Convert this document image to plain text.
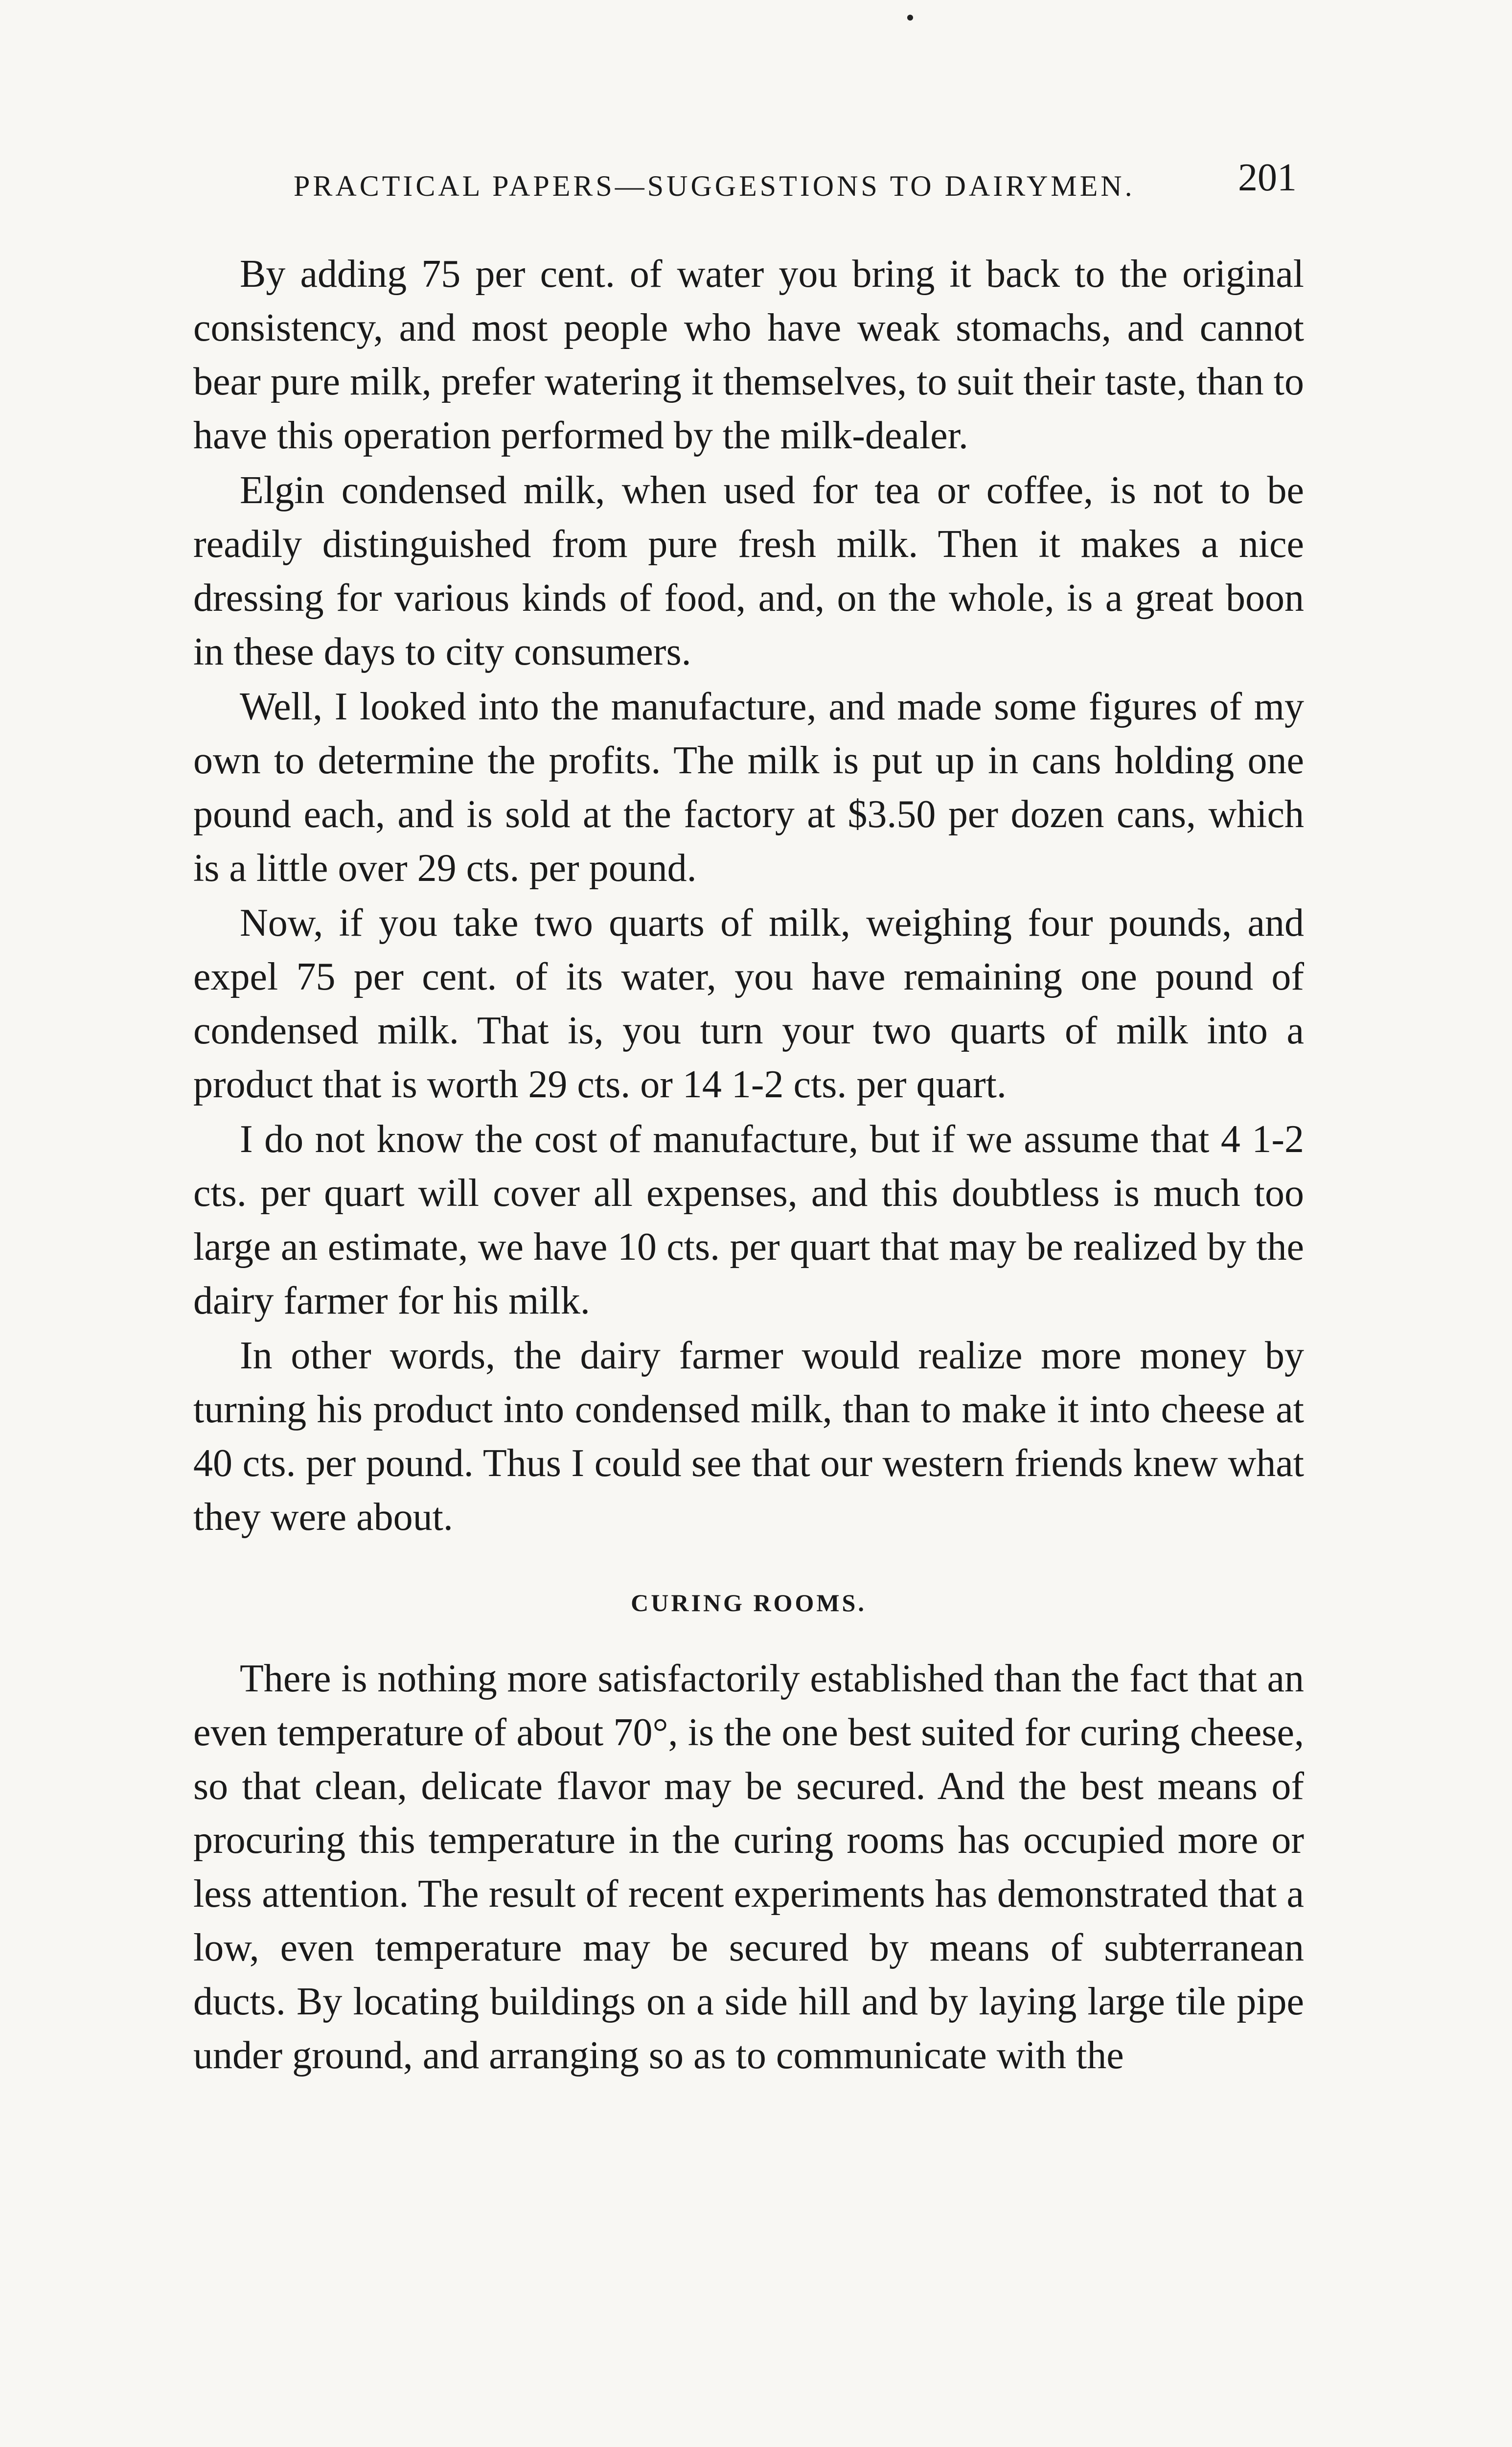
PRACTICAL PAPERS—SUGGESTIONS TO DAIRYMEN.	201

By adding 75 per cent. of water you bring it back to the original consistency, and most people who have weak stomachs, and cannot bear pure milk, prefer watering it themselves, to suit their taste, than to have this operation performed by the milk-dealer.

Elgin condensed milk, when used for tea or coffee, is not to be readily distinguished from pure fresh milk. Then it makes a nice dressing for various kinds of food, and, on the whole, is a great boon in these days to city consumers.

Well, I looked into the manufacture, and made some figures of my own to determine the profits. The milk is put up in cans holding one pound each, and is sold at the factory at $3.50 per dozen cans, which is a little over 29 cts. per pound.

Now, if you take two quarts of milk, weighing four pounds, and expel 75 per cent. of its water, you have remaining one pound of condensed milk. That is, you turn your two quarts of milk into a product that is worth 29 cts. or 14 1-2 cts. per quart.

I do not know the cost of manufacture, but if we assume that 4 1-2 cts. per quart will cover all expenses, and this doubtless is much too large an estimate, we have 10 cts. per quart that may be realized by the dairy farmer for his milk.

In other words, the dairy farmer would realize more money by turning his product into condensed milk, than to make it into cheese at 40 cts. per pound. Thus I could see that our western friends knew what they were about.

CURING ROOMS.

There is nothing more satisfactorily established than the fact that an even temperature of about 70°, is the one best suited for curing cheese, so that clean, delicate flavor may be secured. And the best means of procuring this temperature in the curing rooms has occupied more or less attention. The result of recent experiments has demonstrated that a low, even temperature may be secured by means of subterranean ducts. By locating buildings on a side hill and by laying large tile pipe under ground, and arranging so as to communicate with the
